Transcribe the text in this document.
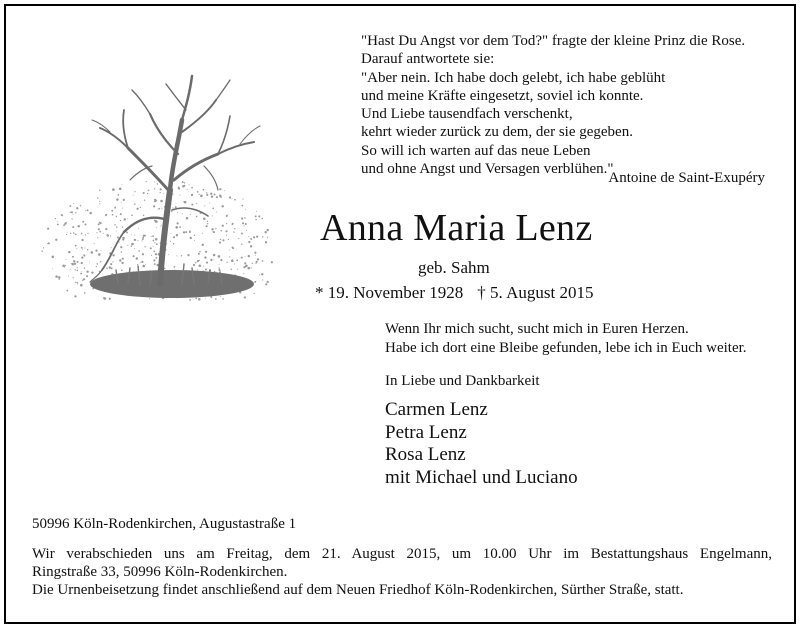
"Hast Du Angst vor dem Tod?" fragte der kleine Prinz die Rose.
Darauf antwortete sie:
"Aber nein. Ich habe doch gelebt, ich habe geblüht
und meine Kräfte eingesetzt, soviel ich konnte.
Und Liebe tausendfach verschenkt,
kehrt wieder zurück zu dem, der sie gegeben.
So will ich warten auf das neue Leben
und ohne Angst und Versagen verblühen."
Antoine de Saint-Exupéry
Anna Maria Lenz
geb. Sahm
* 19. November 1928 † 5. August 2015
Wenn Ihr mich sucht, sucht mich in Euren Herzen.
Habe ich dort eine Bleibe gefunden, lebe ich in Euch weiter.
In Liebe und Dankbarkeit
Carmen Lenz
Petra Lenz
Rosa Lenz
mit Michael und Luciano
50996 Köln-Rodenkirchen, Augustastraße 1

Wir verabschieden uns am Freitag, dem 21. August 2015, um 10.00 Uhr im Bestattungshaus Engelmann,

Ringstraße 33, 50996 Köln-Rodenkirchen.

Die Urnenbeisetzung findet anschließend auf dem Neuen Friedhof Köln-Rodenkirchen, Sürther Straße, statt.
